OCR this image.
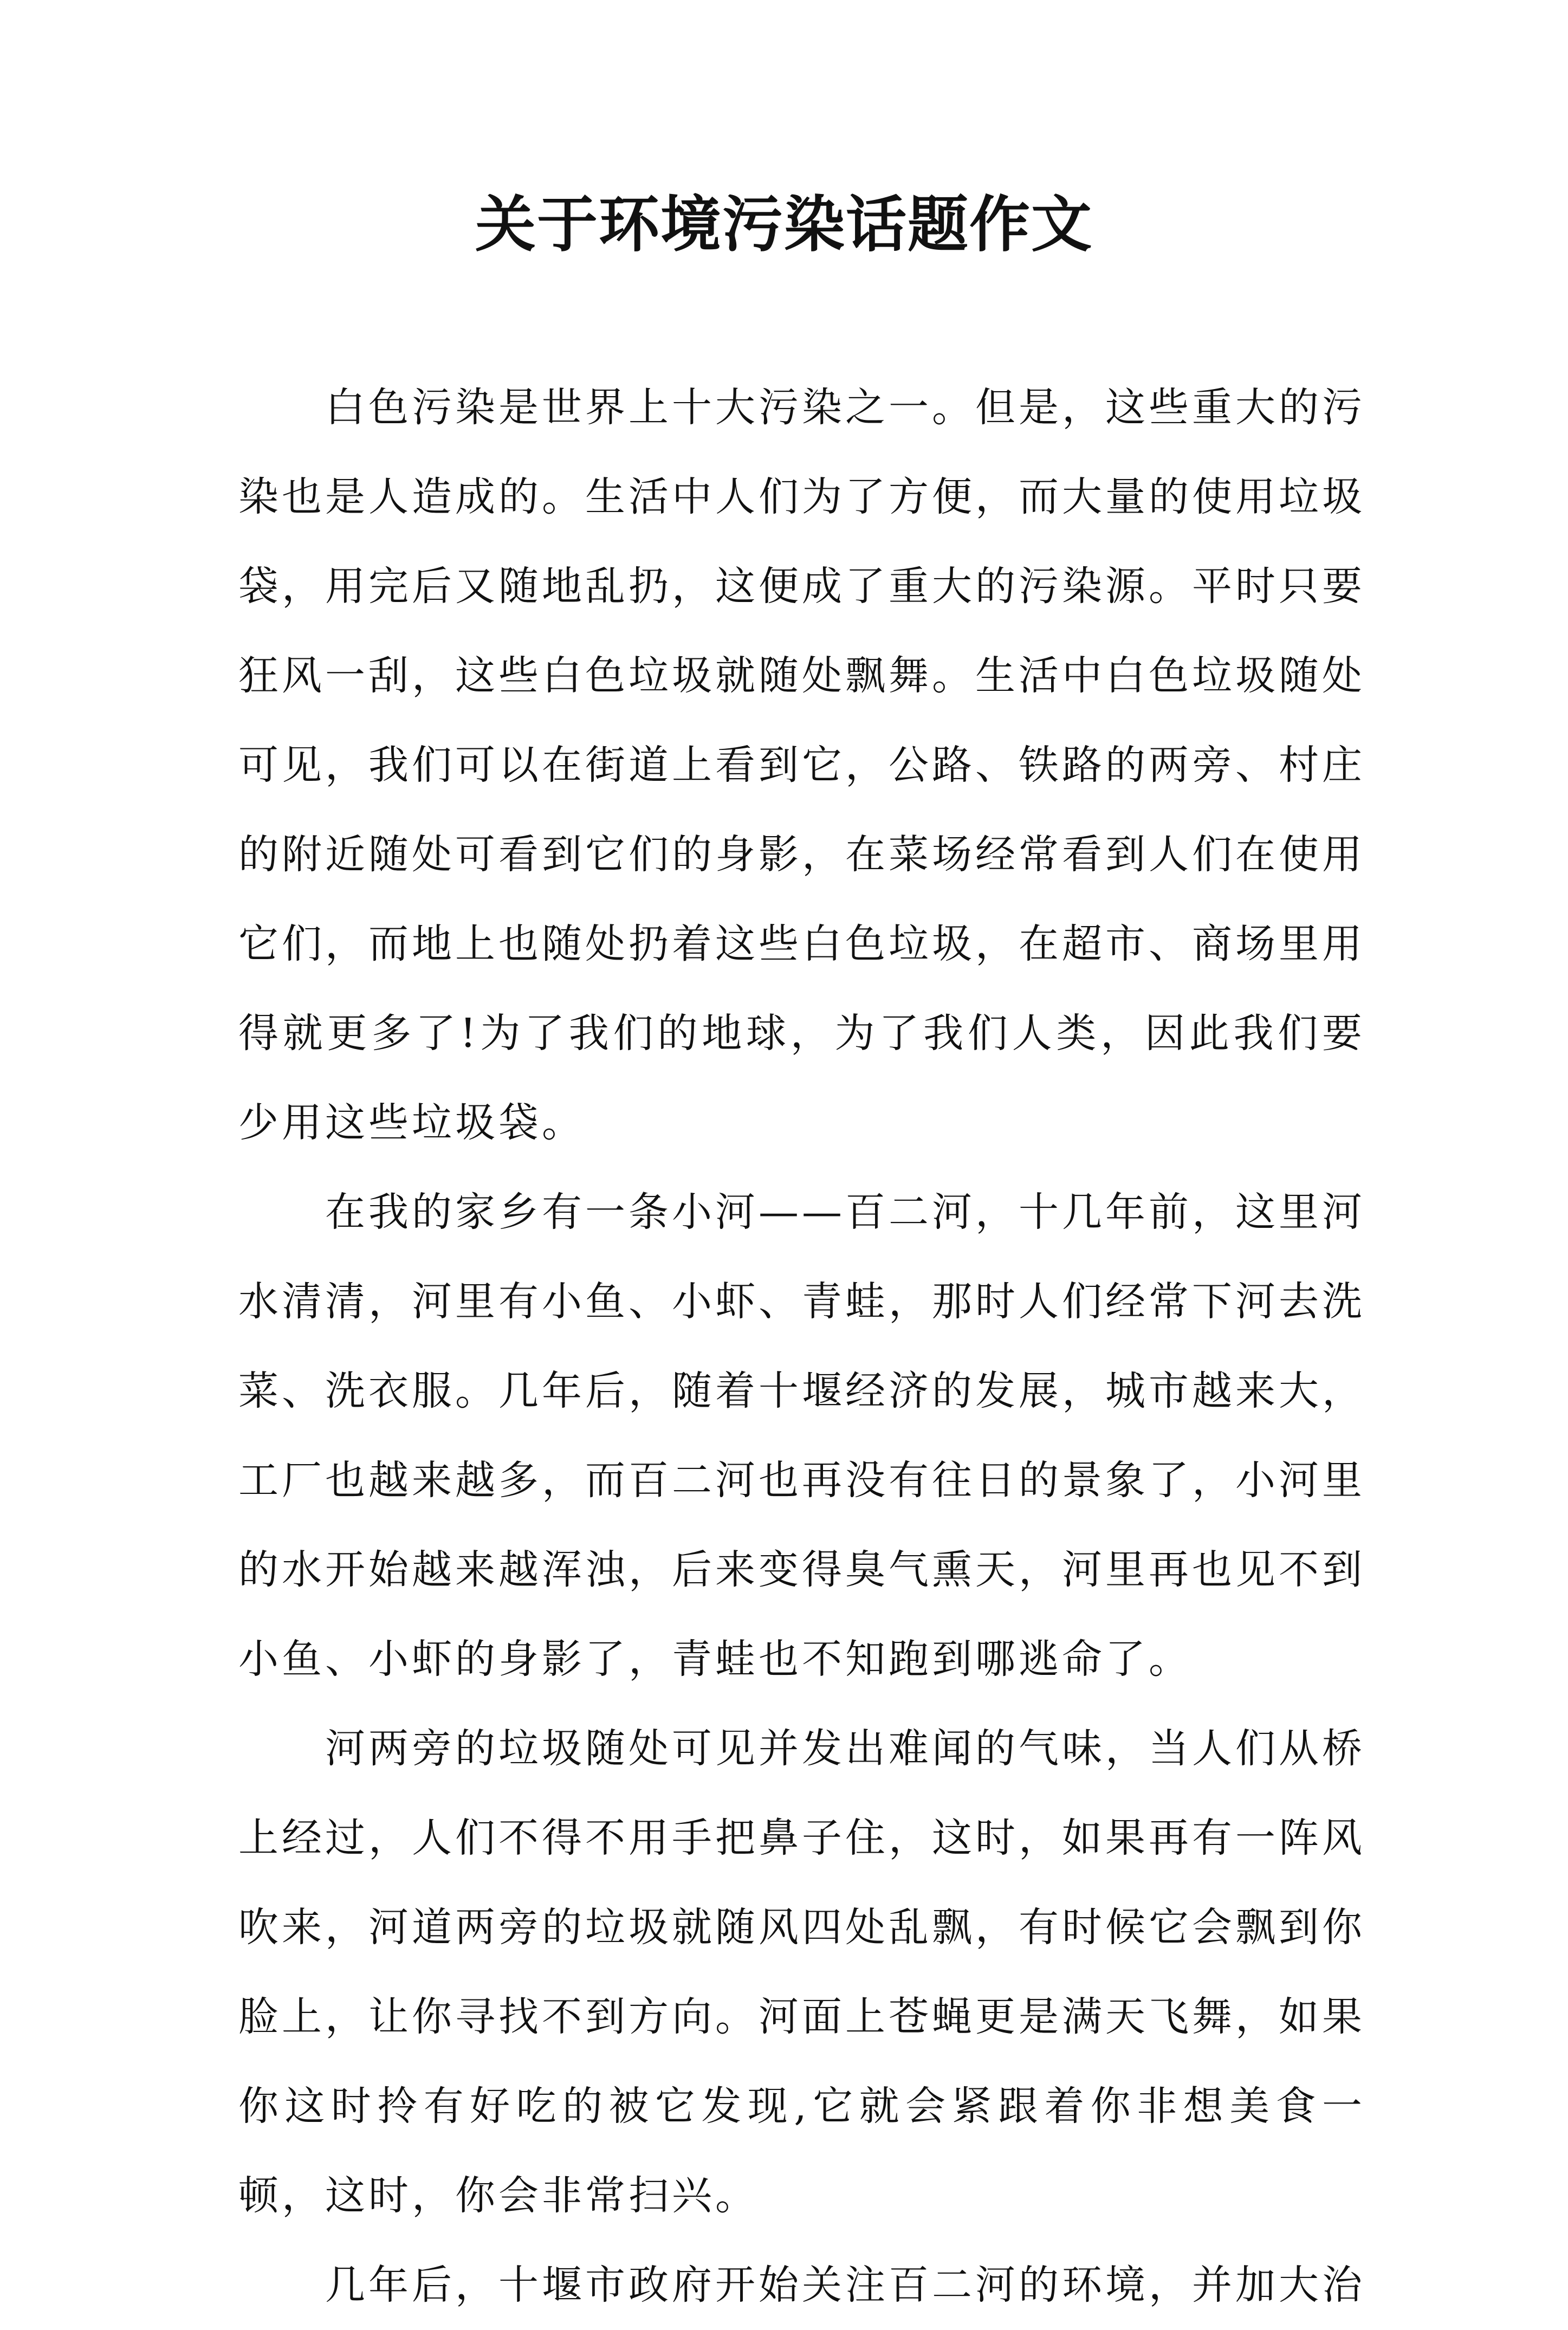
关于环境污染话题作文

白色污染是世界上十大污染之一。但是，这些重大的污染也是人造成的。生活中人们为了方便，而大量的使用垃圾袋，用完后又随地乱扔，这便成了重大的污染源。平时只要狂风一刮，这些白色垃圾就随处飘舞。生活中白色垃圾随处可见，我们可以在街道上看到它，公路、铁路的两旁、村庄的附近随处可看到它们的身影，在菜场经常看到人们在使用它们，而地上也随处扔着这些白色垃圾，在超市、商场里用得就更多了!为了我们的地球，为了我们人类，因此我们要少用这些垃圾袋。

在我的家乡有一条小河——百二河，十几年前，这里河水清清，河里有小鱼、小虾、青蛙，那时人们经常下河去洗菜、洗衣服。几年后，随着十堰经济的发展，城市越来大，工厂也越来越多，而百二河也再没有往日的景象了，小河里的水开始越来越浑浊，后来变得臭气熏天，河里再也见不到小鱼、小虾的身影了，青蛙也不知跑到哪逃命了。

河两旁的垃圾随处可见并发出难闻的气味，当人们从桥上经过，人们不得不用手把鼻子住，这时，如果再有一阵风吹来，河道两旁的垃圾就随风四处乱飘，有时候它会飘到你脸上，让你寻找不到方向。河面上苍蝇更是满天飞舞，如果你这时拎有好吃的被它发现,它就会紧跟着你非想美食一顿，这时，你会非常扫兴。

几年后，十堰市政府开始关注百二河的环境，并加大治
